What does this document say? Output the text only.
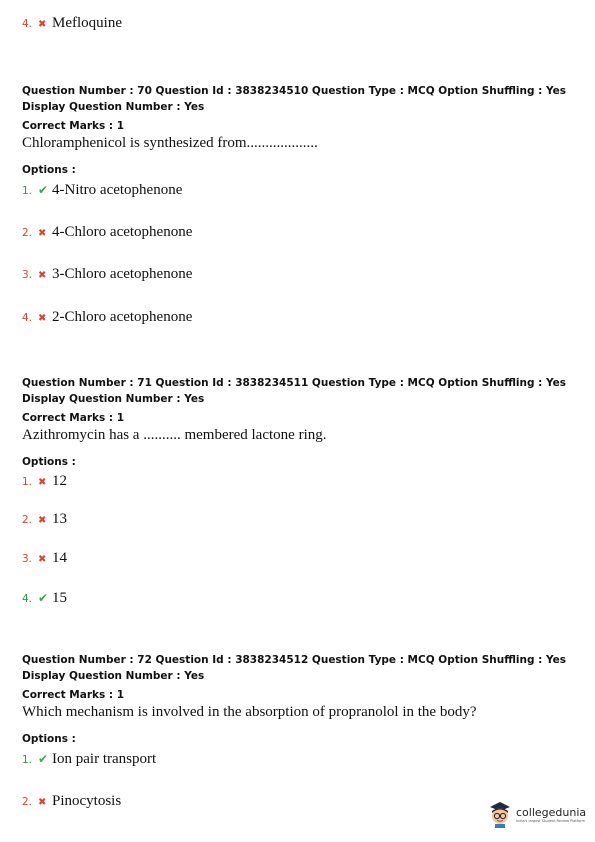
4. ✖ Mefloquine
Question Number : 70 Question Id : 3838234510 Question Type : MCQ Option Shuffling : Yes
Display Question Number : Yes
Correct Marks : 1
Chloramphenicol is synthesized from...................
Options :
1. ✔ 4-Nitro acetophenone
2. ✖ 4-Chloro acetophenone
3. ✖ 3-Chloro acetophenone
4. ✖ 2-Chloro acetophenone
Question Number : 71 Question Id : 3838234511 Question Type : MCQ Option Shuffling : Yes
Display Question Number : Yes
Correct Marks : 1
Azithromycin has a .......... membered lactone ring.
Options :
1. ✖ 12
2. ✖ 13
3. ✖ 14
4. ✔ 15
Question Number : 72 Question Id : 3838234512 Question Type : MCQ Option Shuffling : Yes
Display Question Number : Yes
Correct Marks : 1
Which mechanism is involved in the absorption of propranolol in the body?
Options :
1. ✔ Ion pair transport
2. ✖ Pinocytosis
collegedunia
India's largest Student Review Platform
